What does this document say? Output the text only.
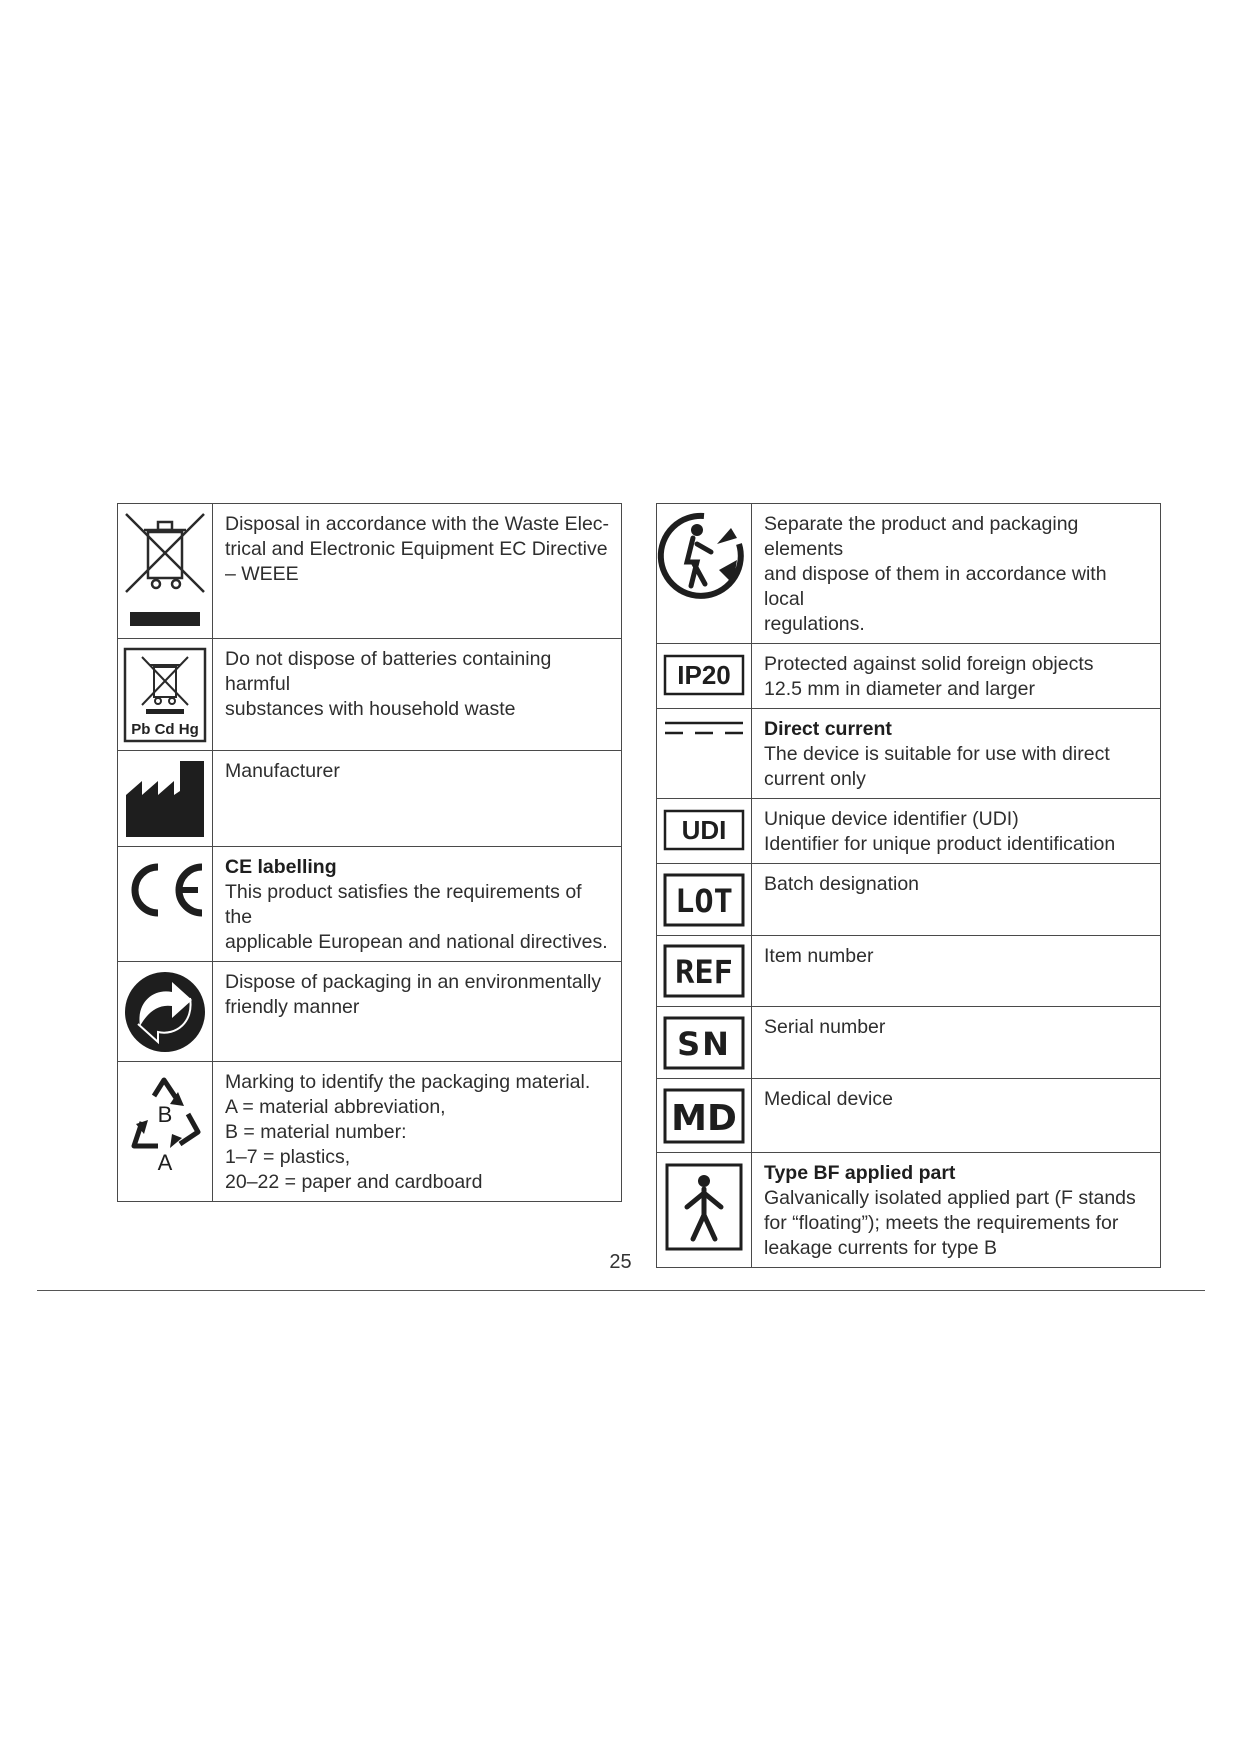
Disposal in accordance with the Waste Elec-
trical and Electronic Equipment EC Directive
– WEEE

Pb Cd Hg	Do not dispose of batteries containing harmful
substances with household waste

Manufacturer

CE labelling
This product satisfies the requirements of the
applicable European and national directives.

Dispose of packaging in an environmentally
friendly manner

B
A	Marking to identify the packaging material.
A = material abbreviation,
B = material number:
1–7 = plastics,
20–22 = paper and cardboard

Separate the product and packaging elements
and dispose of them in accordance with local
regulations.

IP20	Protected against solid foreign objects
12.5 mm in diameter and larger

Direct current
The device is suitable for use with direct
current only

UDI	Unique device identifier (UDI)
Identifier for unique product identification

LOT	Batch designation

REF	Item number

SN	Serial number

MD	Medical device

Type BF applied part
Galvanically isolated applied part (F stands
for “floating”); meets the requirements for
leakage currents for type B
25
